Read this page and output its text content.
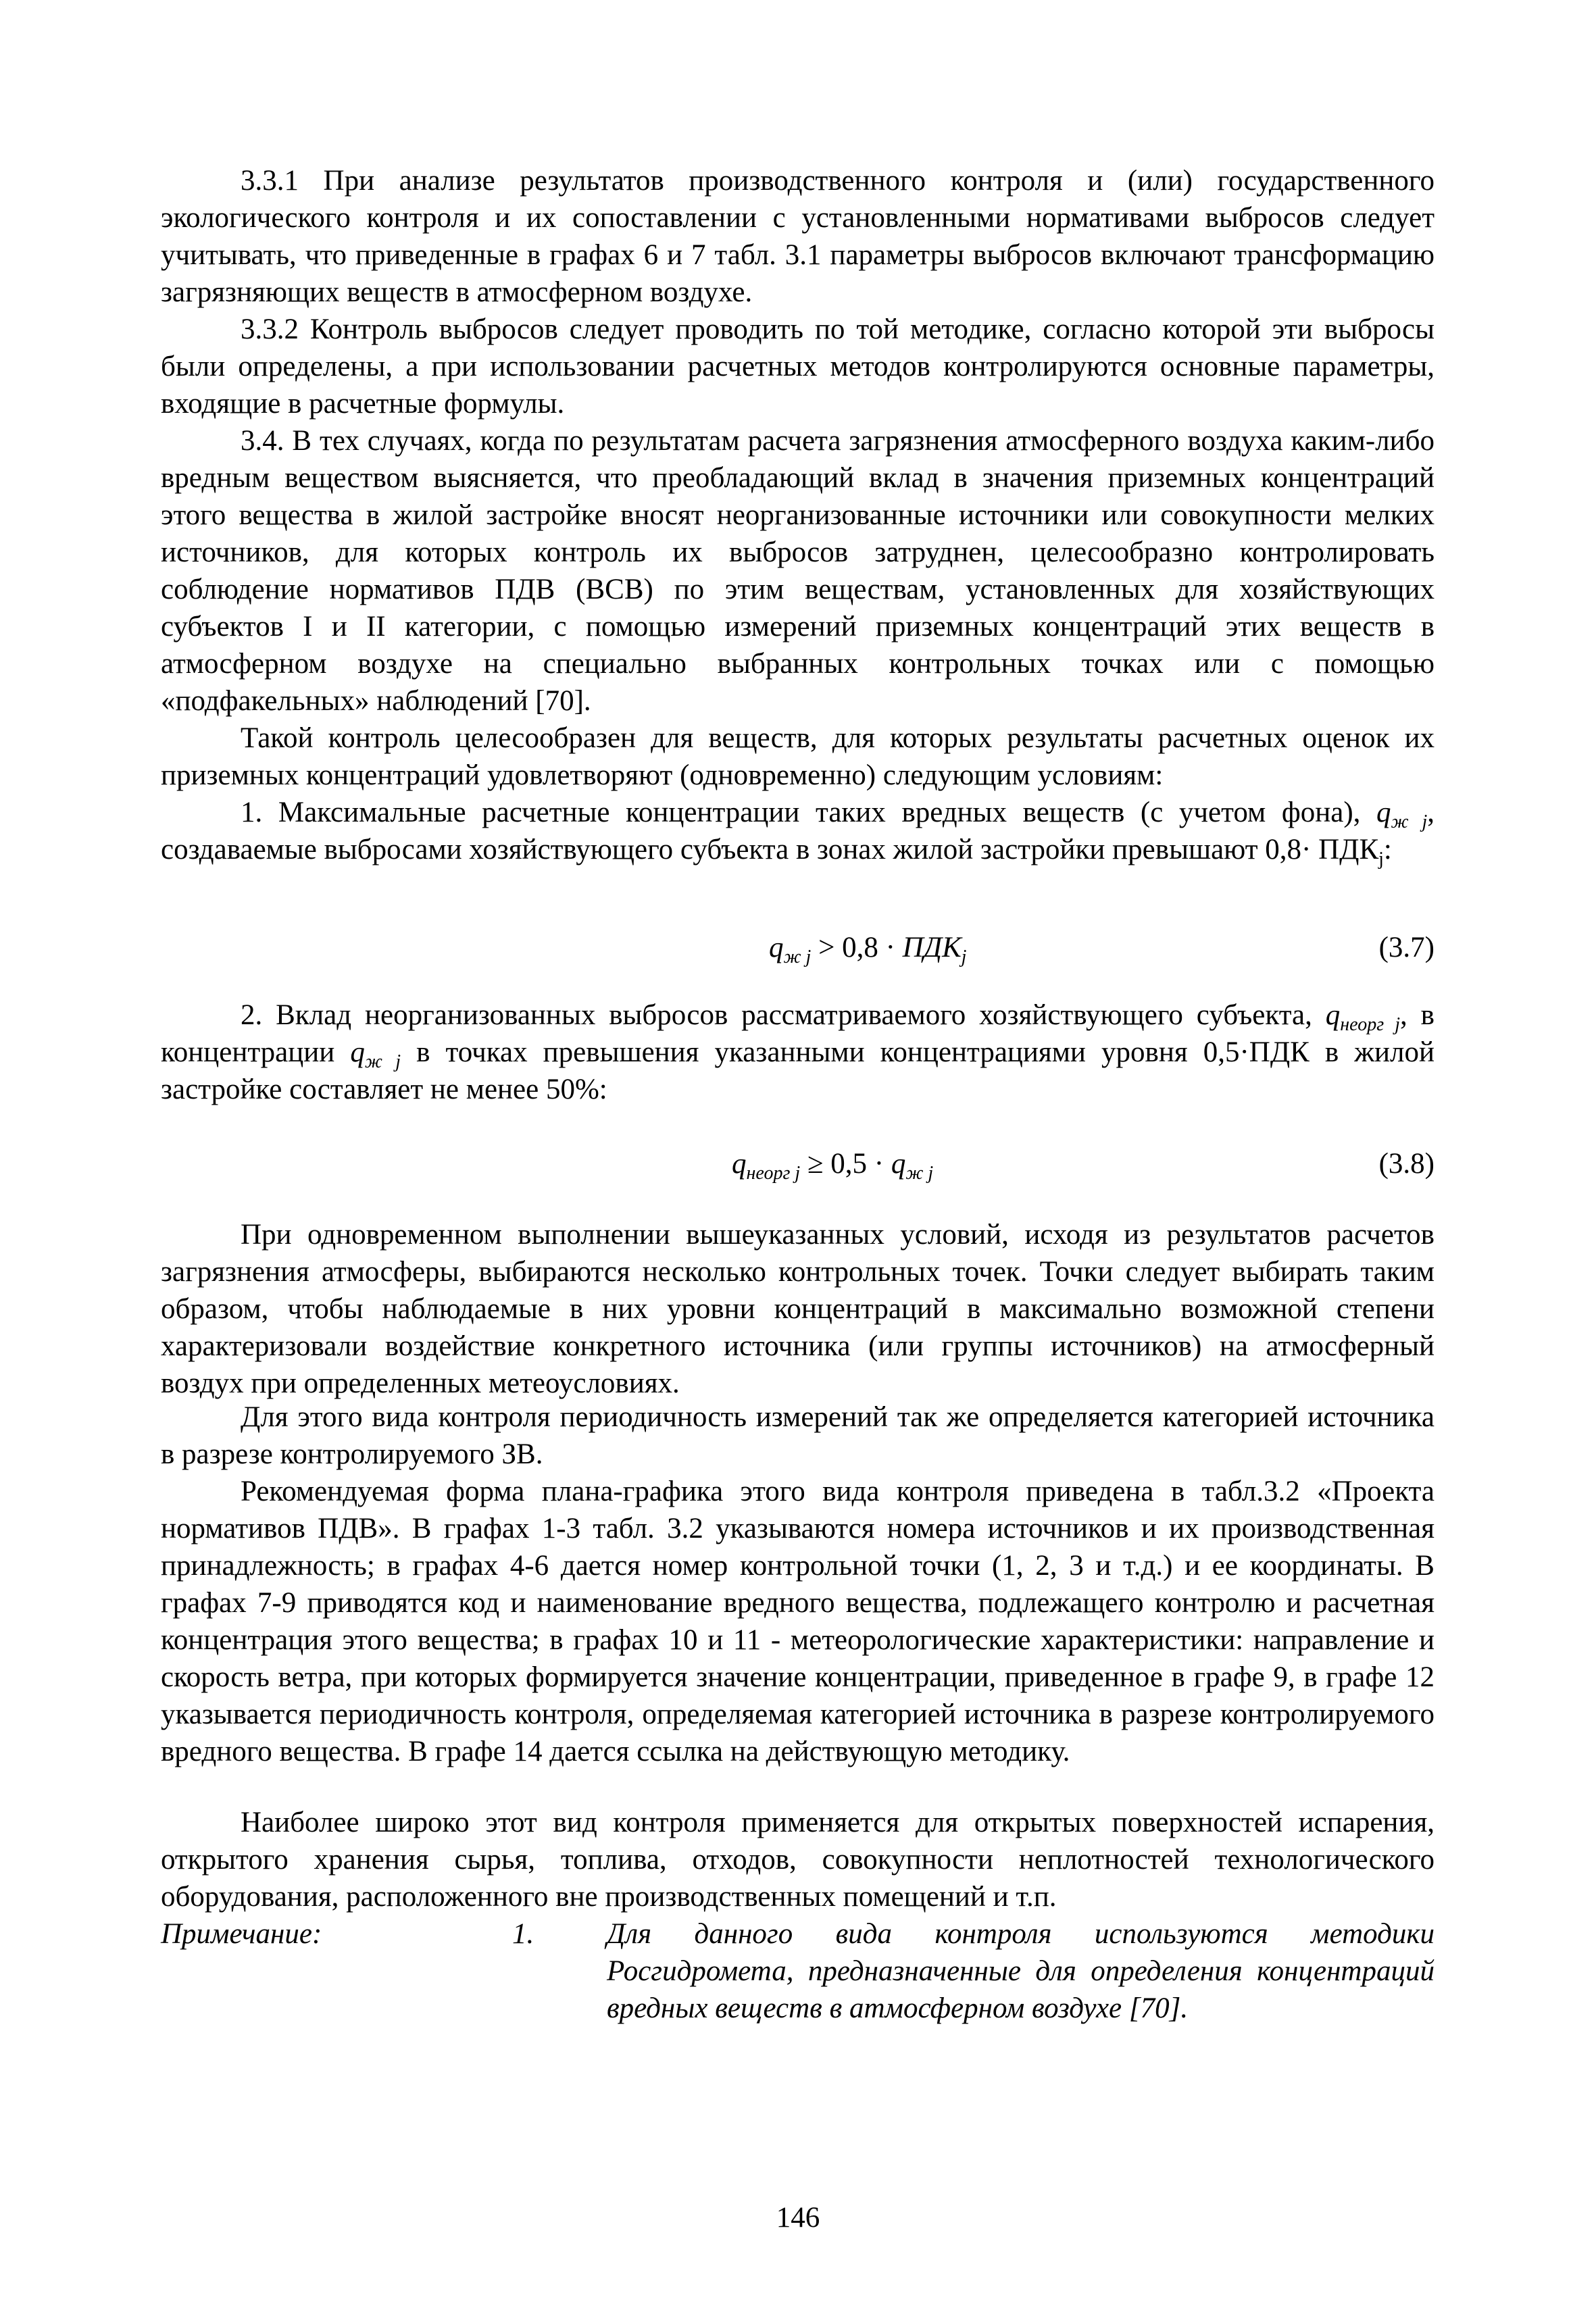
3.3.1 При анализе результатов производственного контроля и (или) государственного экологического контроля и их сопоставлении с установленными нормативами выбросов следует учитывать, что приведенные в графах 6 и 7 табл. 3.1 параметры выбросов включают трансформацию загрязняющих веществ в атмосферном воздухе.

3.3.2 Контроль выбросов следует проводить по той методике, согласно которой эти выбросы были определены, а при использовании расчетных методов контролируются основные параметры, входящие в расчетные формулы.

3.4. В тех случаях, когда по результатам расчета загрязнения атмосферного воздуха каким-либо вредным веществом выясняется, что преобладающий вклад в значения приземных концентраций этого вещества в жилой застройке вносят неорганизованные источники или совокупности мелких источников, для которых контроль их выбросов затруднен, целесообразно контролировать соблюдение нормативов ПДВ (ВСВ) по этим веществам, установленных для хозяйствующих субъектов I и II категории, с помощью измерений приземных концентраций этих веществ в атмосферном воздухе на специально выбранных контрольных точках или с помощью «подфакельных» наблюдений [70].

Такой контроль целесообразен для веществ, для которых результаты расчетных оценок их приземных концентраций удовлетворяют (одновременно) следующим условиям:

1. Максимальные расчетные концентрации таких вредных веществ (с учетом фона), $q_{ж j}$, создаваемые выбросами хозяйствующего субъекта в зонах жилой застройки превышают $0,8\cdot ПДК_j$:

$q_{ж j} > 0,8 \cdot ПДК_j$	(3.7)

2. Вклад неорганизованных выбросов рассматриваемого хозяйствующего субъекта, $q_{неорг j}$, в концентрации $q_{ж j}$ в точках превышения указанными концентрациями уровня 0,5·ПДК в жилой застройке составляет не менее 50%:

$q_{неорг j} \ge 0,5 \cdot q_{ж j}$	(3.8)

При одновременном выполнении вышеуказанных условий, исходя из результатов расчетов загрязнения атмосферы, выбираются несколько контрольных точек. Точки следует выбирать таким образом, чтобы наблюдаемые в них уровни концентраций в максимально возможной степени характеризовали воздействие конкретного источника (или группы источников) на атмосферный воздух при определенных метеоусловиях.

Для этого вида контроля периодичность измерений так же определяется категорией источника в разрезе контролируемого ЗВ.

Рекомендуемая форма плана-графика этого вида контроля приведена в табл.3.2 «Проекта нормативов ПДВ». В графах 1-3 табл. 3.2 указываются номера источников и их производственная принадлежность; в графах 4-6 дается номер контрольной точки (1, 2, 3 и т.д.) и ее координаты. В графах 7-9 приводятся код и наименование вредного вещества, подлежащего контролю и расчетная концентрация этого вещества; в графах 10 и 11 - метеорологические характеристики: направление и скорость ветра, при которых формируется значение концентрации, приведенное в графе 9, в графе 12 указывается периодичность контроля, определяемая категорией источника в разрезе контролируемого вредного вещества. В графе 14 дается ссылка на действующую методику.

Наиболее широко этот вид контроля применяется для открытых поверхностей испарения, открытого хранения сырья, топлива, отходов, совокупности неплотностей технологического оборудования, расположенного вне производственных помещений и т.п.

Примечание:	1.	Для данного вида контроля используются методики Росгидромета, предназначенные для определения концентраций вредных веществ в атмосферном воздухе [70].
146
